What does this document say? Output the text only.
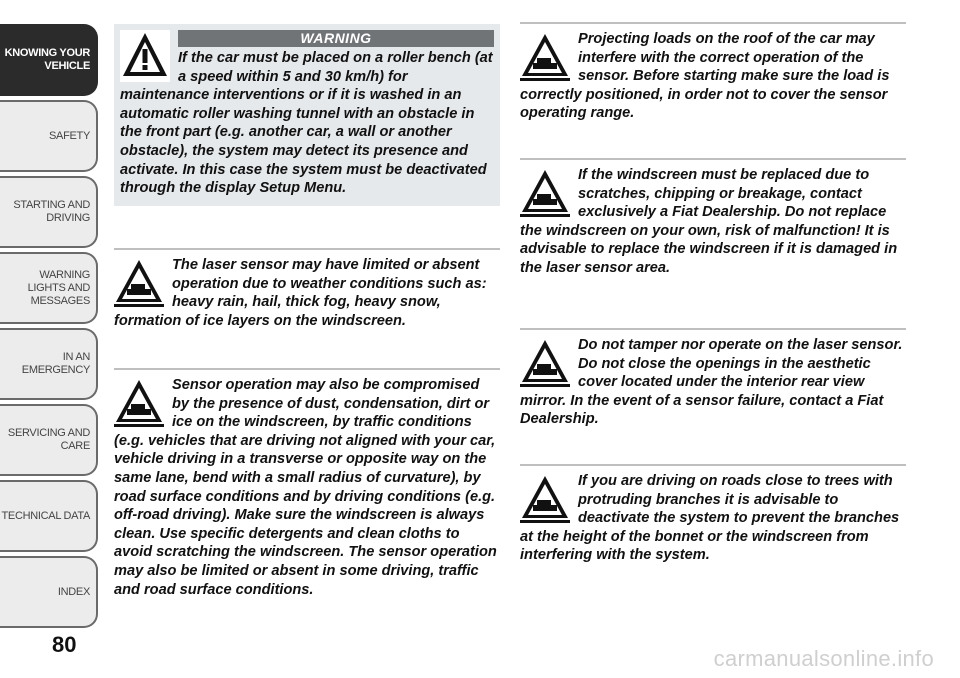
KNOWING YOUR VEHICLE
SAFETY
STARTING AND DRIVING
WARNING LIGHTS AND MESSAGES
IN AN EMERGENCY
SERVICING AND CARE
TECHNICAL DATA
INDEX
80
carmanualsonline.info
WARNING

If the car must be placed on a roller bench (at a speed within 5 and 30 km/h) for maintenance interventions or if it is washed in an automatic roller washing tunnel with an obstacle in the front part (e.g. another car, a wall or another obstacle), the system may detect its presence and activate. In this case the system must be deactivated through the display Setup Menu.

The laser sensor may have limited or absent operation due to weather conditions such as: heavy rain, hail, thick fog, heavy snow, formation of ice layers on the windscreen.

Sensor operation may also be compromised by the presence of dust, condensation, dirt or ice on the windscreen, by traffic conditions (e.g. vehicles that are driving not aligned with your car, vehicle driving in a transverse or opposite way on the same lane, bend with a small radius of curvature), by road surface conditions and by driving conditions (e.g. off-road driving). Make sure the windscreen is always clean. Use specific detergents and clean cloths to avoid scratching the windscreen. The sensor operation may also be limited or absent in some driving, traffic and road surface conditions.

Projecting loads on the roof of the car may interfere with the correct operation of the sensor. Before starting make sure the load is correctly positioned, in order not to cover the sensor operating range.

If the windscreen must be replaced due to scratches, chipping or breakage, contact exclusively a Fiat Dealership. Do not replace the windscreen on your own, risk of malfunction! It is advisable to replace the windscreen if it is damaged in the laser sensor area.

Do not tamper nor operate on the laser sensor. Do not close the openings in the aesthetic cover located under the interior rear view mirror. In the event of a sensor failure, contact a Fiat Dealership.

If you are driving on roads close to trees with protruding branches it is advisable to deactivate the system to prevent the branches at the height of the bonnet or the windscreen from interfering with the system.
